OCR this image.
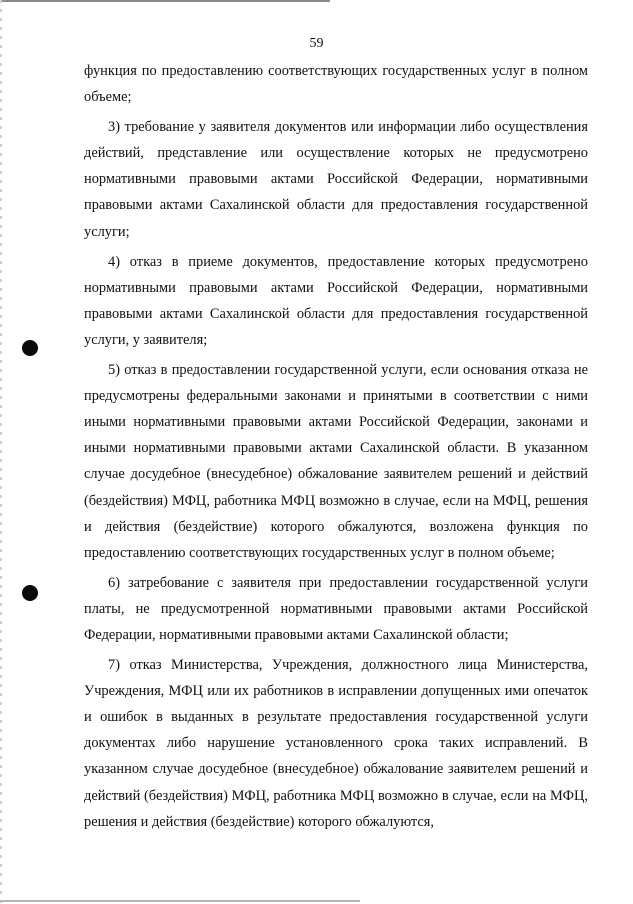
59

функция по предоставлению соответствующих государственных услуг в полном объеме;

3) требование у заявителя документов или информации либо осуществления действий, представление или осуществление которых не предусмотрено нормативными правовыми актами Российской Федерации, нормативными правовыми актами Сахалинской области для предоставления государственной услуги;

4) отказ в приеме документов, предоставление которых предусмотрено нормативными правовыми актами Российской Федерации, нормативными правовыми актами Сахалинской области для предоставления государственной услуги, у заявителя;

5) отказ в предоставлении государственной услуги, если основания отказа не предусмотрены федеральными законами и принятыми в соответствии с ними иными нормативными правовыми актами Российской Федерации, законами и иными нормативными правовыми актами Сахалинской области. В указанном случае досудебное (внесудебное) обжалование заявителем решений и действий (бездействия) МФЦ, работника МФЦ возможно в случае, если на МФЦ, решения и действия (бездействие) которого обжалуются, возложена функция по предоставлению соответствующих государственных услуг в полном объеме;

6) затребование с заявителя при предоставлении государственной услуги платы, не предусмотренной нормативными правовыми актами Российской Федерации, нормативными правовыми актами Сахалинской области;

7) отказ Министерства, Учреждения, должностного лица Министерства, Учреждения, МФЦ или их работников в исправлении допущенных ими опечаток и ошибок в выданных в результате предоставления государственной услуги документах либо нарушение установленного срока таких исправлений. В указанном случае досудебное (внесудебное) обжалование заявителем решений и действий (бездействия) МФЦ, работника МФЦ возможно в случае, если на МФЦ, решения и действия (бездействие) которого обжалуются,
